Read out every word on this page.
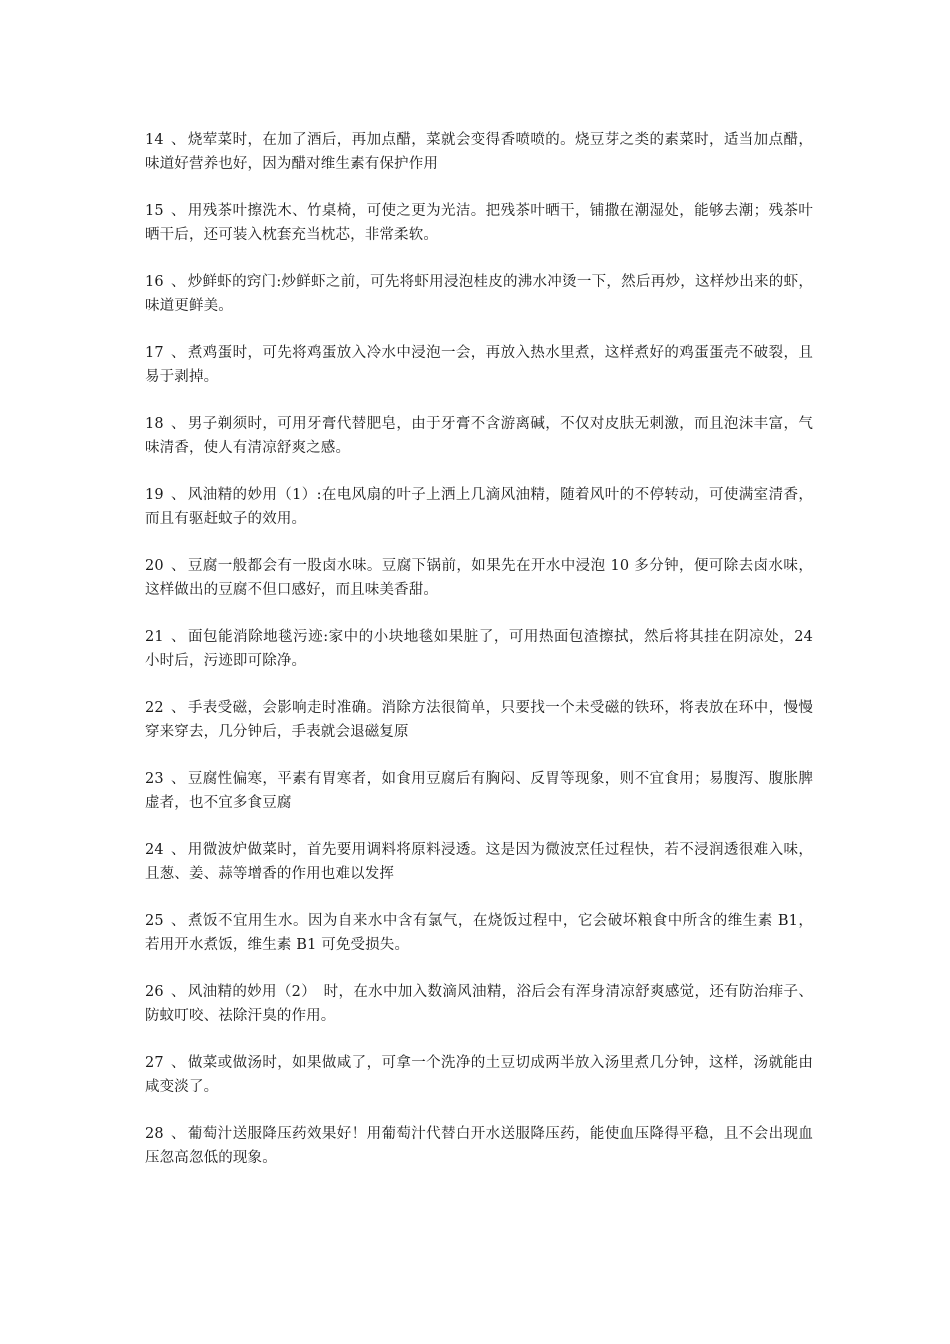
14 、 烧荤菜时，在加了酒后，再加点醋，菜就会变得香喷喷的。烧豆芽之类的素菜时，适当加点醋，味道好营养也好，因为醋对维生素有保护作用
15 、 用残茶叶擦洗木、竹桌椅，可使之更为光洁。把残茶叶晒干，铺撒在潮湿处，能够去潮；残茶叶晒干后，还可装入枕套充当枕芯，非常柔软。
16 、 炒鲜虾的窍门:炒鲜虾之前，可先将虾用浸泡桂皮的沸水冲烫一下，然后再炒，这样炒出来的虾，味道更鲜美。
17 、 煮鸡蛋时，可先将鸡蛋放入冷水中浸泡一会，再放入热水里煮，这样煮好的鸡蛋蛋壳不破裂，且易于剥掉。
18 、 男子剃须时，可用牙膏代替肥皂，由于牙膏不含游离碱，不仅对皮肤无刺激，而且泡沫丰富，气味清香，使人有清凉舒爽之感。
19 、 风油精的妙用（1）:在电风扇的叶子上洒上几滴风油精，随着风叶的不停转动，可使满室清香，而且有驱赶蚊子的效用。
20 、 豆腐一般都会有一股卤水味。豆腐下锅前，如果先在开水中浸泡 10 多分钟，便可除去卤水味，这样做出的豆腐不但口感好，而且味美香甜。
21 、 面包能消除地毯污迹:家中的小块地毯如果脏了，可用热面包渣擦拭，然后将其挂在阴凉处，24 小时后，污迹即可除净。
22 、 手表受磁，会影响走时准确。消除方法很简单，只要找一个未受磁的铁环，将表放在环中，慢慢穿来穿去，几分钟后，手表就会退磁复原
23 、 豆腐性偏寒，平素有胃寒者，如食用豆腐后有胸闷、反胃等现象，则不宜食用；易腹泻、腹胀脾虚者，也不宜多食豆腐
24 、 用微波炉做菜时，首先要用调料将原料浸透。这是因为微波烹任过程快，若不浸润透很难入味，且葱、姜、蒜等增香的作用也难以发挥
25 、 煮饭不宜用生水。因为自来水中含有氯气，在烧饭过程中，它会破坏粮食中所含的维生素 B1，若用开水煮饭，维生素 B1 可免受损失。
26 、 风油精的妙用（2）　时，在水中加入数滴风油精，浴后会有浑身清凉舒爽感觉，还有防治痱子、防蚊叮咬、祛除汗臭的作用。
27 、 做菜或做汤时，如果做咸了，可拿一个洗净的土豆切成两半放入汤里煮几分钟，这样，汤就能由咸变淡了。
28 、 葡萄汁送服降压药效果好！用葡萄汁代替白开水送服降压药，能使血压降得平稳，且不会出现血压忽高忽低的现象。
